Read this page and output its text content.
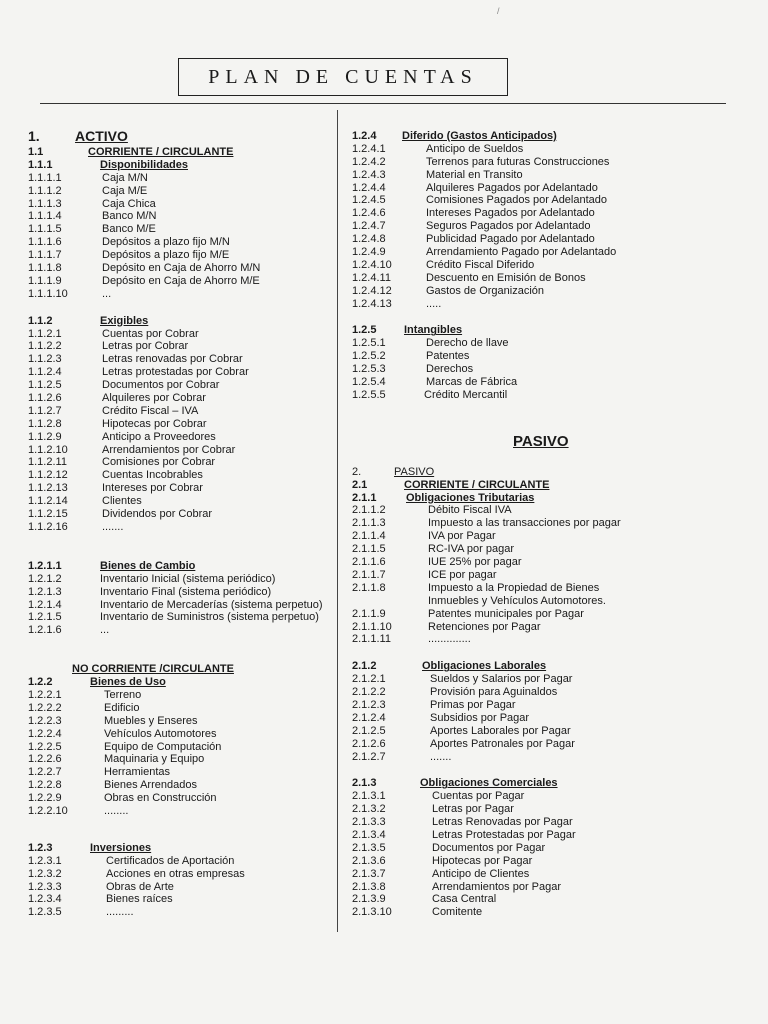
/
PLAN DE CUENTAS
1.	ACTIVO
1.1	CORRIENTE / CIRCULANTE
1.1.1	Disponibilidades
1.1.1.1	Caja M/N
1.1.1.2	Caja M/E
1.1.1.3	Caja Chica
1.1.1.4	Banco M/N
1.1.1.5	Banco M/E
1.1.1.6	Depósitos a plazo fijo M/N
1.1.1.7	Depósitos a plazo fijo M/E
1.1.1.8	Depósito en Caja de Ahorro M/N
1.1.1.9	Depósito en Caja de Ahorro M/E
1.1.1.10	...
1.1.2	Exigibles
1.1.2.1	Cuentas por Cobrar
1.1.2.2	Letras por Cobrar
1.1.2.3	Letras renovadas por Cobrar
1.1.2.4	Letras protestadas por Cobrar
1.1.2.5	Documentos por Cobrar
1.1.2.6	Alquileres por Cobrar
1.1.2.7	Crédito Fiscal – IVA
1.1.2.8	Hipotecas por Cobrar
1.1.2.9	Anticipo a Proveedores
1.1.2.10	Arrendamientos por Cobrar
1.1.2.11	Comisiones por Cobrar
1.1.2.12	Cuentas Incobrables
1.1.2.13	Intereses por Cobrar
1.1.2.14	Clientes
1.1.2.15	Dividendos por Cobrar
1.1.2.16	.......
1.2.1.1	Bienes de Cambio
1.2.1.2	Inventario Inicial (sistema periódico)
1.2.1.3	Inventario Final (sistema periódico)
1.2.1.4	Inventario de Mercaderías (sistema perpetuo)
1.2.1.5	Inventario de Suministros (sistema perpetuo)
1.2.1.6	...
NO CORRIENTE /CIRCULANTE
1.2.2	Bienes de Uso
1.2.2.1	Terreno
1.2.2.2	Edificio
1.2.2.3	Muebles y Enseres
1.2.2.4	Vehículos Automotores
1.2.2.5	Equipo de Computación
1.2.2.6	Maquinaria y Equipo
1.2.2.7	Herramientas
1.2.2.8	Bienes Arrendados
1.2.2.9	Obras en Construcción
1.2.2.10	........
1.2.3	Inversiones
1.2.3.1	Certificados de Aportación
1.2.3.2	Acciones en otras empresas
1.2.3.3	Obras de Arte
1.2.3.4	Bienes raíces
1.2.3.5	.........
1.2.4 Diferido (Gastos Anticipados)
1.2.4.1	Anticipo de Sueldos
1.2.4.2	Terrenos para futuras Construcciones
1.2.4.3	Material en Transito
1.2.4.4	Alquileres Pagados por Adelantado
1.2.4.5	Comisiones Pagados por Adelantado
1.2.4.6	Intereses Pagados por Adelantado
1.2.4.7	Seguros Pagados por Adelantado
1.2.4.8	Publicidad Pagado por Adelantado
1.2.4.9	Arrendamiento Pagado por Adelantado
1.2.4.10	Crédito Fiscal Diferido
1.2.4.11	Descuento en Emisión de Bonos
1.2.4.12	Gastos de Organización
1.2.4.13	.....
1.2.5	Intangibles
1.2.5.1	Derecho de llave
1.2.5.2	Patentes
1.2.5.3	Derechos
1.2.5.4	Marcas de Fábrica
1.2.5.5	Crédito Mercantil
2.	PASIVO
2.1	CORRIENTE / CIRCULANTE
2.1.1	Obligaciones Tributarias
2.1.1.2	Débito Fiscal IVA
2.1.1.3	Impuesto a las transacciones por pagar
2.1.1.4	IVA por Pagar
2.1.1.5	RC-IVA por pagar
2.1.1.6	IUE 25% por pagar
2.1.1.7	ICE por pagar
2.1.1.8	Impuesto a la Propiedad de Bienes
Inmuebles y Vehículos Automotores.
2.1.1.9	Patentes municipales por Pagar
2.1.1.10	Retenciones por Pagar
2.1.1.11	..............
2.1.2	Obligaciones Laborales
2.1.2.1	Sueldos y Salarios por Pagar
2.1.2.2	Provisión para Aguinaldos
2.1.2.3	Primas por Pagar
2.1.2.4	Subsidios por Pagar
2.1.2.5	Aportes Laborales por Pagar
2.1.2.6	Aportes Patronales por Pagar
2.1.2.7	.......
2.1.3	Obligaciones Comerciales
2.1.3.1	Cuentas por Pagar
2.1.3.2	Letras por Pagar
2.1.3.3	Letras Renovadas por Pagar
2.1.3.4	Letras Protestadas por Pagar
2.1.3.5	Documentos por Pagar
2.1.3.6	Hipotecas por Pagar
2.1.3.7	Anticipo de Clientes
2.1.3.8	Arrendamientos por Pagar
2.1.3.9	Casa Central
2.1.3.10	Comitente
PASIVO
